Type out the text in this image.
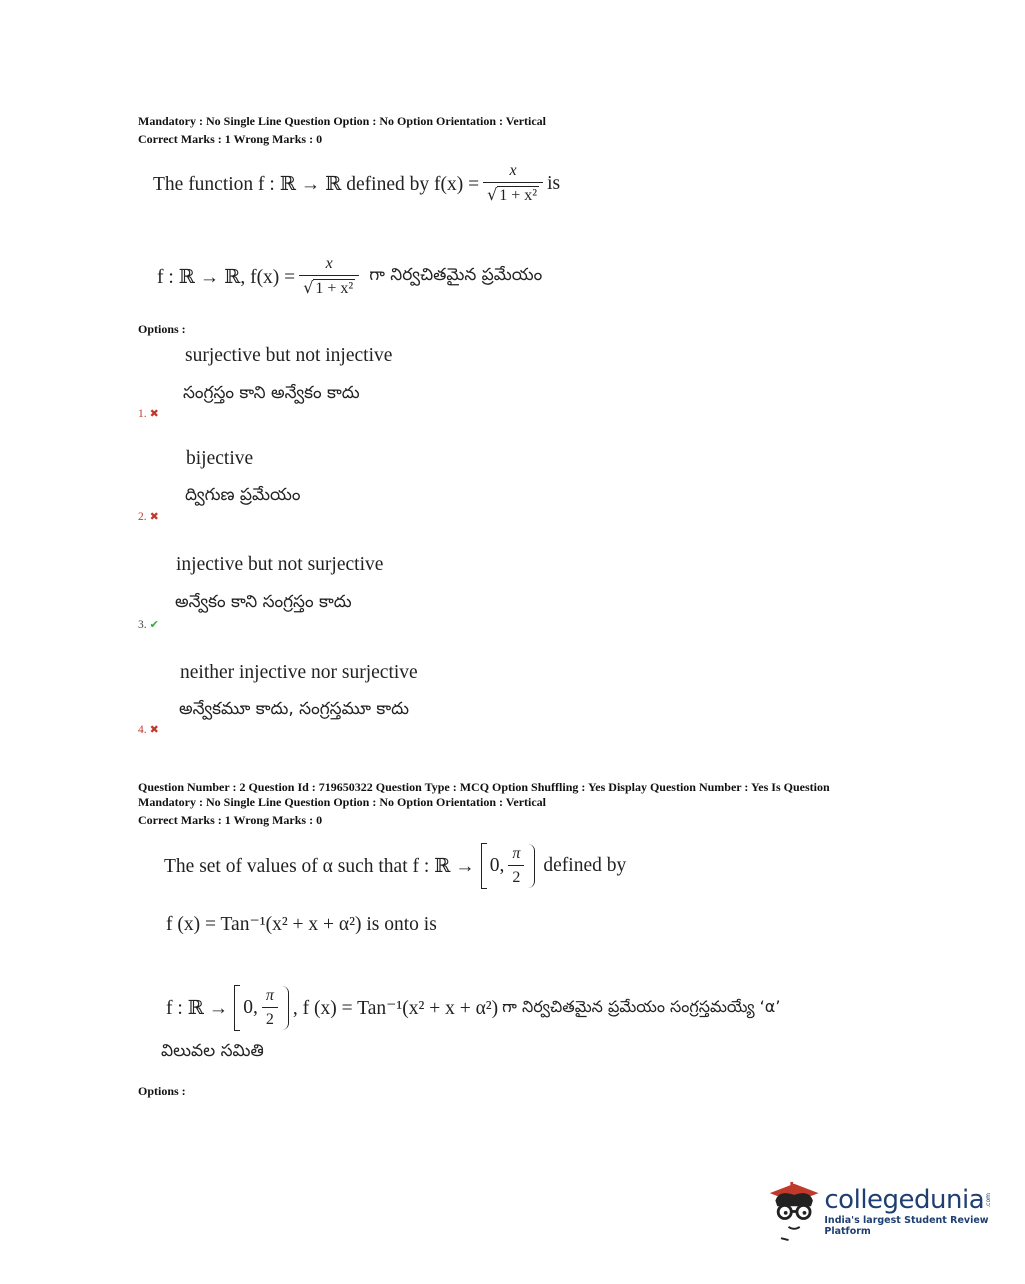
Mandatory : No Single Line Question Option : No Option Orientation : Vertical
Correct Marks : 1 Wrong Marks : 0
The function f : ℝ → ℝ defined by $f(x) = \frac{x}{\text{√ 1 + x²}}$ is
f : ℝ → ℝ, $f(x) = \frac{x}{\text{√ 1 + x²}}$ గా నిర్వచితమైన ప్రమేయం
Options :
surjective but not injective
సంగ్రస్తం కాని అన్వేకం కాదు
1. ✖
bijective
ద్విగుణ ప్రమేయం
2. ✖
injective but not surjective
అన్వేకం కాని సంగ్రస్తం కాదు
3. ✔
neither injective nor surjective
అన్వేకమూ కాదు, సంగ్రస్తమూ కాదు
4. ✖
Question Number : 2 Question Id : 719650322 Question Type : MCQ Option Shuffling : Yes Display Question Number : Yes Is Question
Mandatory : No Single Line Question Option : No Option Orientation : Vertical
Correct Marks : 1 Wrong Marks : 0
The set of values of α such that f : ℝ → 0, $\frac{\pi}{2}$ defined by
f (x) = Tan⁻¹(x² + x + α²) is onto is
f : ℝ → 0, $\frac{\pi}{2}$ , f (x) = Tan⁻¹(x² + x + α²) గా నిర్వచితమైన ప్రమేయం సంగ్రస్తమయ్యే ‘α’
విలువల సమితి
Options :
collegedunia .com
India's largest Student Review Platform
